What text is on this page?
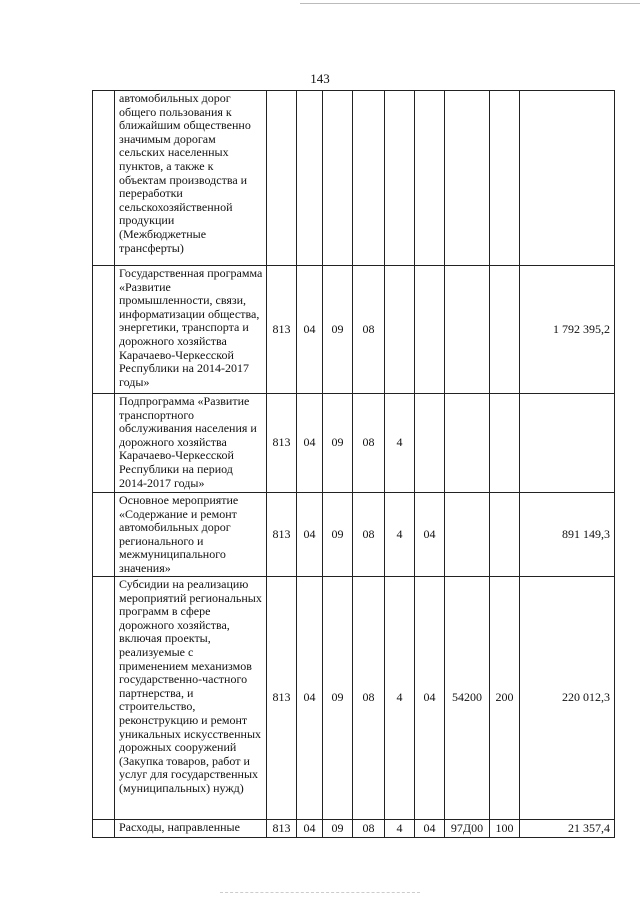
143
	автомобильных дорог общего пользования к ближайшим общественно значимым дорогам сельских населенных пунктов, а также к объектам производства и переработки сельскохозяйственной продукции (Межбюджетные трансферты)									
	Государственная программа «Развитие промышленности, связи, информатизации общества, энергетики, транспорта и дорожного хозяйства Карачаево-Черкесской Республики на 2014-2017 годы»	813	04	09	08					1 792 395,2
	Подпрограмма «Развитие транспортного обслуживания населения и дорожного хозяйства Карачаево-Черкесской Республики на период 2014-2017 годы»	813	04	09	08	4				
	Основное мероприятие «Содержание и ремонт автомобильных дорог регионального и межмуниципального значения»	813	04	09	08	4	04			891 149,3
	Субсидии на реализацию мероприятий региональных программ в сфере дорожного хозяйства, включая проекты, реализуемые с применением механизмов государственно-частного партнерства, и строительство, реконструкцию и ремонт уникальных искусственных дорожных сооружений (Закупка товаров, работ и услуг для государственных (муниципальных) нужд)	813	04	09	08	4	04	54200	200	220 012,3
	Расходы, направленные	813	04	09	08	4	04	97Д00	100	21 357,4
